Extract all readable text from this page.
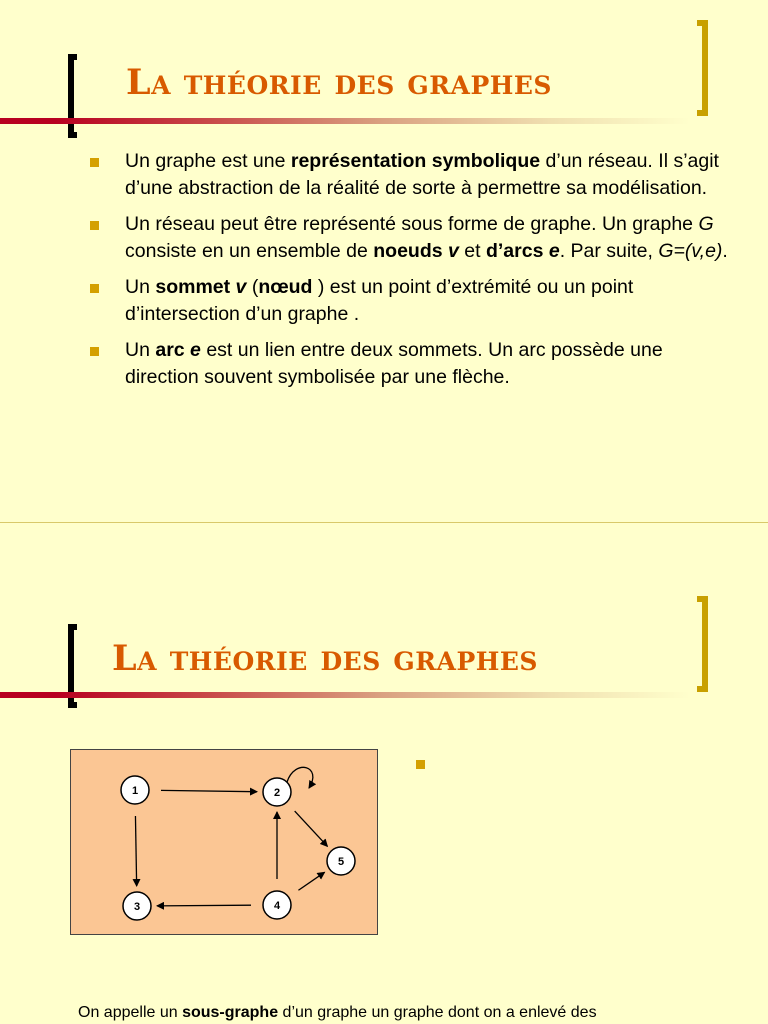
La théorie des graphes
Un graphe est une représentation symbolique d’un réseau. Il s’agit d’une abstraction de la réalité de sorte à permettre sa modélisation.
Un réseau peut être représenté sous forme de graphe. Un graphe G consiste en un ensemble de noeuds v et d’arcs e. Par suite, G=(v,e).
Un sommet v (nœud ) est un point d’extrémité ou un point d’intersection d’un graphe .
Un arc e est un lien entre deux sommets. Un arc possède une direction souvent symbolisée par une flèche.
La théorie des graphes
1	2
3	4
5

On appelle un sous-graphe d’un graphe un graphe dont on a enlevé des
